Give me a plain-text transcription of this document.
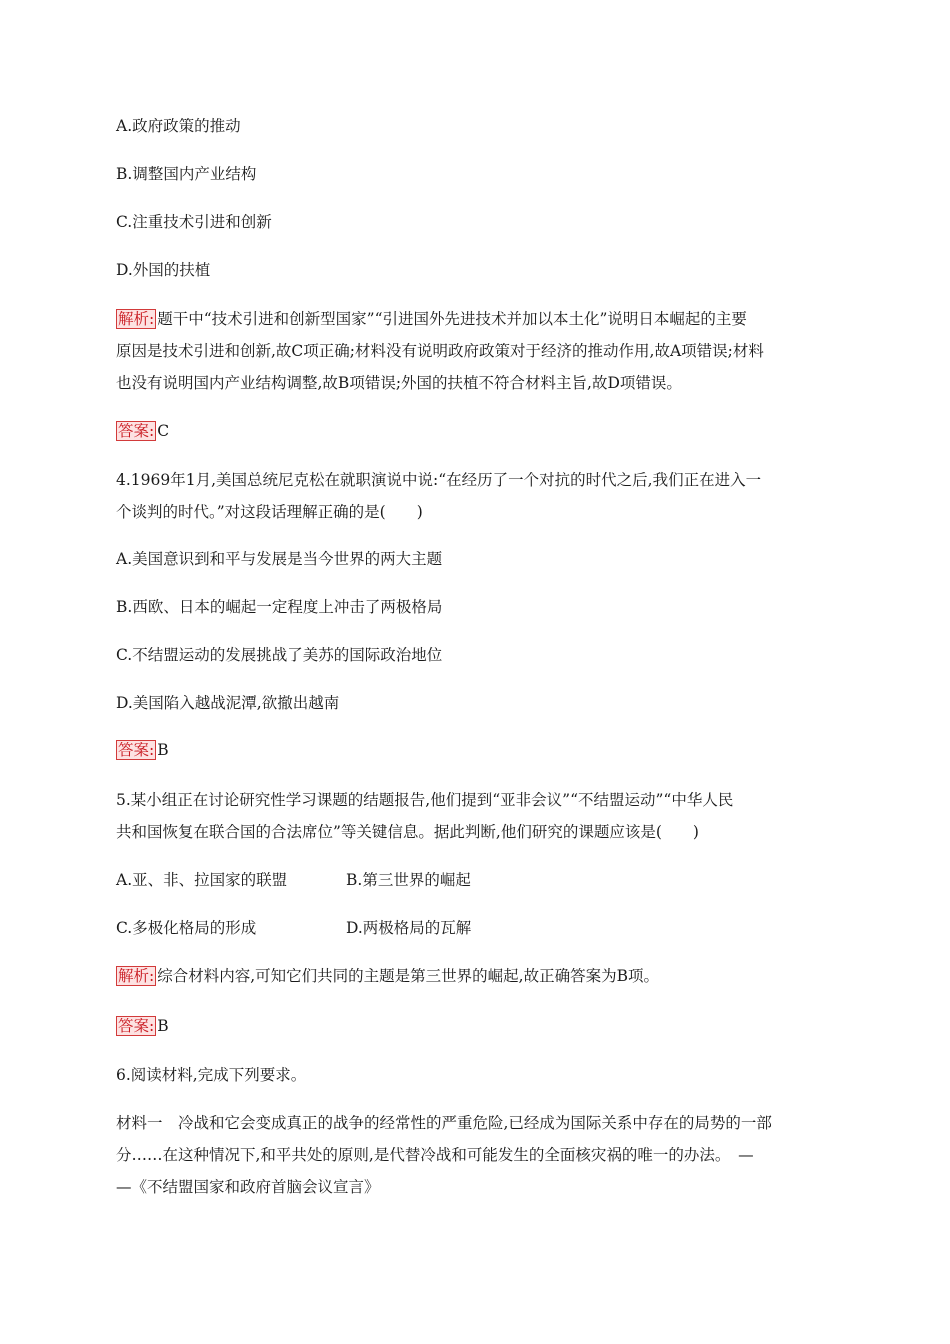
A.政府政策的推动
B.调整国内产业结构
C.注重技术引进和创新
D.外国的扶植
解析: 题干中“技术引进和创新型国家”“引进国外先进技术并加以本土化”说明日本崛起的主要
原因是技术引进和创新,故C项正确;材料没有说明政府政策对于经济的推动作用,故A项错误;材料
也没有说明国内产业结构调整,故B项错误;外国的扶植不符合材料主旨,故D项错误。
答案: C
4.1969年1月,美国总统尼克松在就职演说中说:“在经历了一个对抗的时代之后,我们正在进入一
个谈判的时代。”对这段话理解正确的是(　　)
A.美国意识到和平与发展是当今世界的两大主题
B.西欧、日本的崛起一定程度上冲击了两极格局
C.不结盟运动的发展挑战了美苏的国际政治地位
D.美国陷入越战泥潭,欲撤出越南
答案: B
5.某小组正在讨论研究性学习课题的结题报告,他们提到“亚非会议”“不结盟运动”“中华人民
共和国恢复在联合国的合法席位”等关键信息。据此判断,他们研究的课题应该是(　　)
A.亚、非、拉国家的联盟	B.第三世界的崛起
C.多极化格局的形成	D.两极格局的瓦解
解析: 综合材料内容,可知它们共同的主题是第三世界的崛起,故正确答案为B项。
答案: B
6.阅读材料,完成下列要求。
材料一　冷战和它会变成真正的战争的经常性的严重危险,已经成为国际关系中存在的局势的一部
分……在这种情况下,和平共处的原则,是代替冷战和可能发生的全面核灾祸的唯一的办法。　—
—《不结盟国家和政府首脑会议宣言》
